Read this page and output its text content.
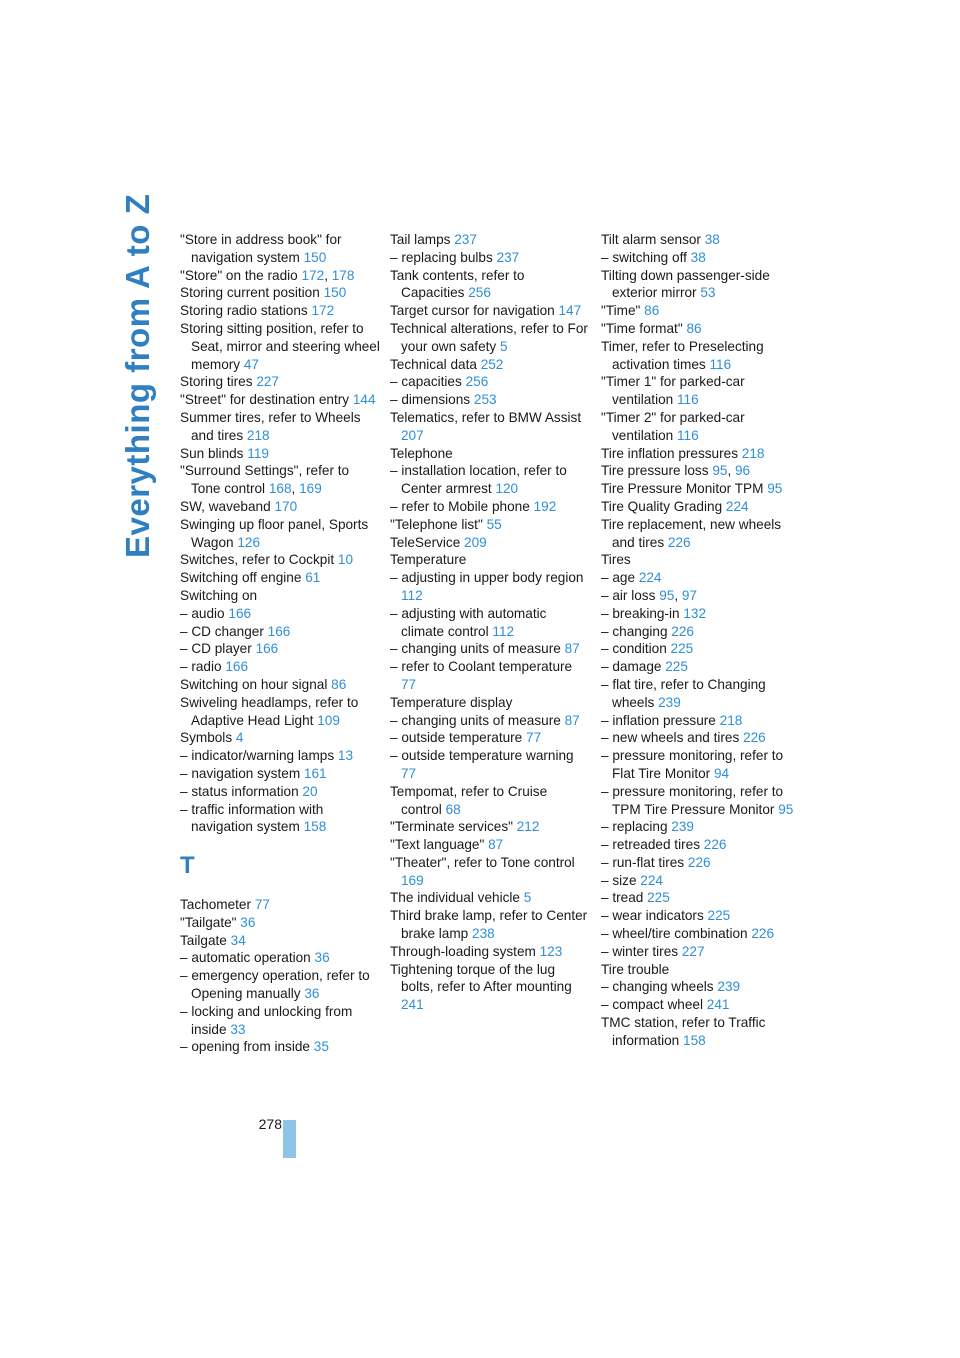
Everything from A to Z "Store in address book" for navigation system 150
"Store" on the radio 172, 178
Storing current position 150
Storing radio stations 172
Storing sitting position, refer to Seat, mirror and steering wheel memory 47
Storing tires 227
"Street" for destination entry 144
Summer tires, refer to Wheels and tires 218
Sun blinds 119
"Surround Settings", refer to Tone control 168, 169
SW, waveband 170
Swinging up floor panel, Sports Wagon 126
Switches, refer to Cockpit 10
Switching off engine 61
Switching on
– audio 166
– CD changer 166
– CD player 166
– radio 166
Switching on hour signal 86
Swiveling headlamps, refer to Adaptive Head Light 109
Symbols 4
– indicator/warning lamps 13
– navigation system 161
– status information 20
– traffic information with navigation system 158
T
Tachometer 77
"Tailgate" 36
Tailgate 34
– automatic operation 36
– emergency operation, refer to Opening manually 36
– locking and unlocking from inside 33
– opening from inside 35
Tail lamps 237
– replacing bulbs 237
Tank contents, refer to Capacities 256
Target cursor for navigation 147
Technical alterations, refer to For your own safety 5
Technical data 252
– capacities 256
– dimensions 253
Telematics, refer to BMW Assist 207
Telephone
– installation location, refer to Center armrest 120
– refer to Mobile phone 192
"Telephone list" 55
TeleService 209
Temperature
– adjusting in upper body region 112
– adjusting with automatic climate control 112
– changing units of measure 87
– refer to Coolant temperature 77
Temperature display
– changing units of measure 87
– outside temperature 77
– outside temperature warning 77
Tempomat, refer to Cruise control 68
"Terminate services" 212
"Text language" 87
"Theater", refer to Tone control 169
The individual vehicle 5
Third brake lamp, refer to Center brake lamp 238
Through-loading system 123
Tightening torque of the lug bolts, refer to After mounting 241
Tilt alarm sensor 38
– switching off 38
Tilting down passenger-side exterior mirror 53
"Time" 86
"Time format" 86
Timer, refer to Preselecting activation times 116
"Timer 1" for parked-car ventilation 116
"Timer 2" for parked-car ventilation 116
Tire inflation pressures 218
Tire pressure loss 95, 96
Tire Pressure Monitor TPM 95
Tire Quality Grading 224
Tire replacement, new wheels and tires 226
Tires
– age 224
– air loss 95, 97
– breaking-in 132
– changing 226
– condition 225
– damage 225
– flat tire, refer to Changing wheels 239
– inflation pressure 218
– new wheels and tires 226
– pressure monitoring, refer to Flat Tire Monitor 94
– pressure monitoring, refer to TPM Tire Pressure Monitor 95
– replacing 239
– retreaded tires 226
– run-flat tires 226
– size 224
– tread 225
– wear indicators 225
– wheel/tire combination 226
– winter tires 227
Tire trouble
– changing wheels 239
– compact wheel 241
TMC station, refer to Traffic information 158
278
